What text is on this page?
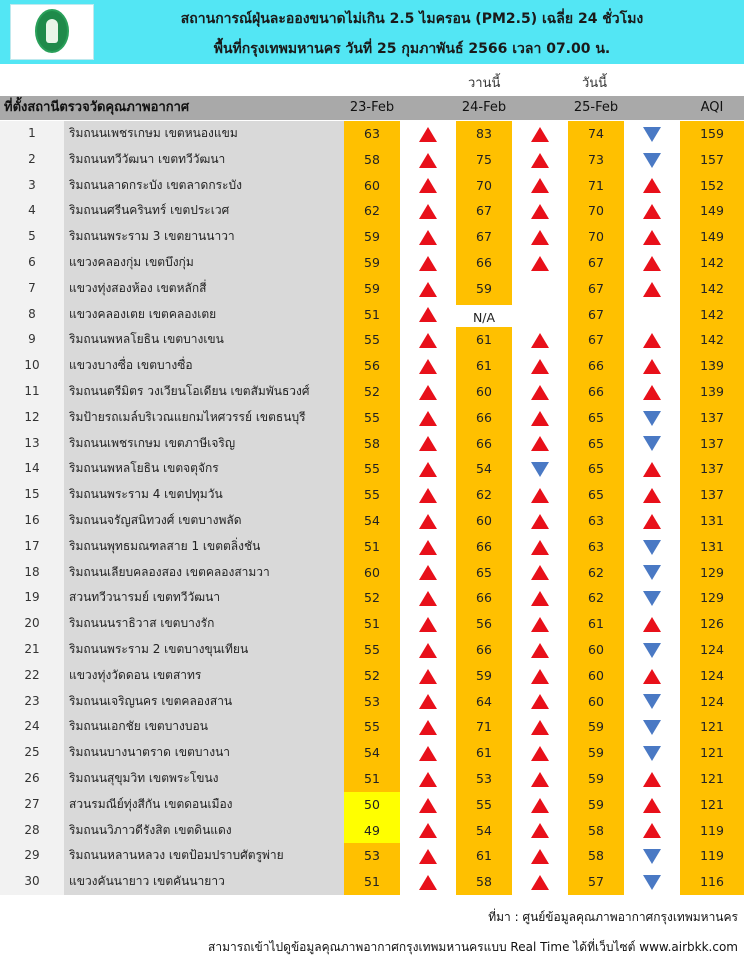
สถานการณ์ฝุ่นละอองขนาดไม่เกิน 2.5 ไมครอน (PM2.5) เฉลี่ย 24 ชั่วโมง
พื้นที่กรุงเทพมหานคร วันที่ 25 กุมภาพันธ์ 2566 เวลา 07.00 น.
วานนี้	วันนี้
ที่ตั้งสถานีตรวจวัดคุณภาพอากาศ	23-Feb	24-Feb	25-Feb	AQI
1	ริมถนนเพชรเกษม เขตหนองแขม	63	83	74	159
2	ริมถนนทวีวัฒนา เขตทวีวัฒนา	58	75	73	157
3	ริมถนนลาดกระบัง เขตลาดกระบัง	60	70	71	152
4	ริมถนนศรีนครินทร์ เขตประเวศ	62	67	70	149
5	ริมถนนพระราม 3 เขตยานนาวา	59	67	70	149
6	แขวงคลองกุ่ม เขตบึงกุ่ม	59	66	67	142
7	แขวงทุ่งสองห้อง เขตหลักสี่	59	59	67	142
8	แขวงคลองเตย เขตคลองเตย	51	N/A	67	142
9	ริมถนนพหลโยธิน เขตบางเขน	55	61	67	142
10	แขวงบางซื่อ เขตบางซื่อ	56	61	66	139
11	ริมถนนตรีมิตร วงเวียนโอเดียน เขตสัมพันธวงศ์	52	60	66	139
12	ริมป้ายรถเมล์บริเวณแยกมไหศวรรย์ เขตธนบุรี	55	66	65	137
13	ริมถนนเพชรเกษม เขตภาษีเจริญ	58	66	65	137
14	ริมถนนพหลโยธิน เขตจตุจักร	55	54	65	137
15	ริมถนนพระราม 4 เขตปทุมวัน	55	62	65	137
16	ริมถนนจรัญสนิทวงศ์ เขตบางพลัด	54	60	63	131
17	ริมถนนพุทธมณฑลสาย 1 เขตตลิ่งชัน	51	66	63	131
18	ริมถนนเลียบคลองสอง เขตคลองสามวา	60	65	62	129
19	สวนทวีวนารมย์ เขตทวีวัฒนา	52	66	62	129
20	ริมถนนนราธิวาส เขตบางรัก	51	56	61	126
21	ริมถนนพระราม 2 เขตบางขุนเทียน	55	66	60	124
22	แขวงทุ่งวัดดอน เขตสาทร	52	59	60	124
23	ริมถนนเจริญนคร เขตคลองสาน	53	64	60	124
24	ริมถนนเอกชัย เขตบางบอน	55	71	59	121
25	ริมถนนบางนาตราด เขตบางนา	54	61	59	121
26	ริมถนนสุขุมวิท เขตพระโขนง	51	53	59	121
27	สวนรมณีย์ทุ่งสีกัน เขตดอนเมือง	50	55	59	121
28	ริมถนนวิภาวดีรังสิต เขตดินแดง	49	54	58	119
29	ริมถนนหลานหลวง เขตป้อมปราบศัตรูพ่าย	53	61	58	119
30	แขวงคันนายาว เขตคันนายาว	51	58	57	116
ที่มา : ศูนย์ข้อมูลคุณภาพอากาศกรุงเทพมหานคร
สามารถเข้าไปดูข้อมูลคุณภาพอากาศกรุงเทพมหานครแบบ Real Time ได้ที่เว็บไซต์ www.airbkk.com
